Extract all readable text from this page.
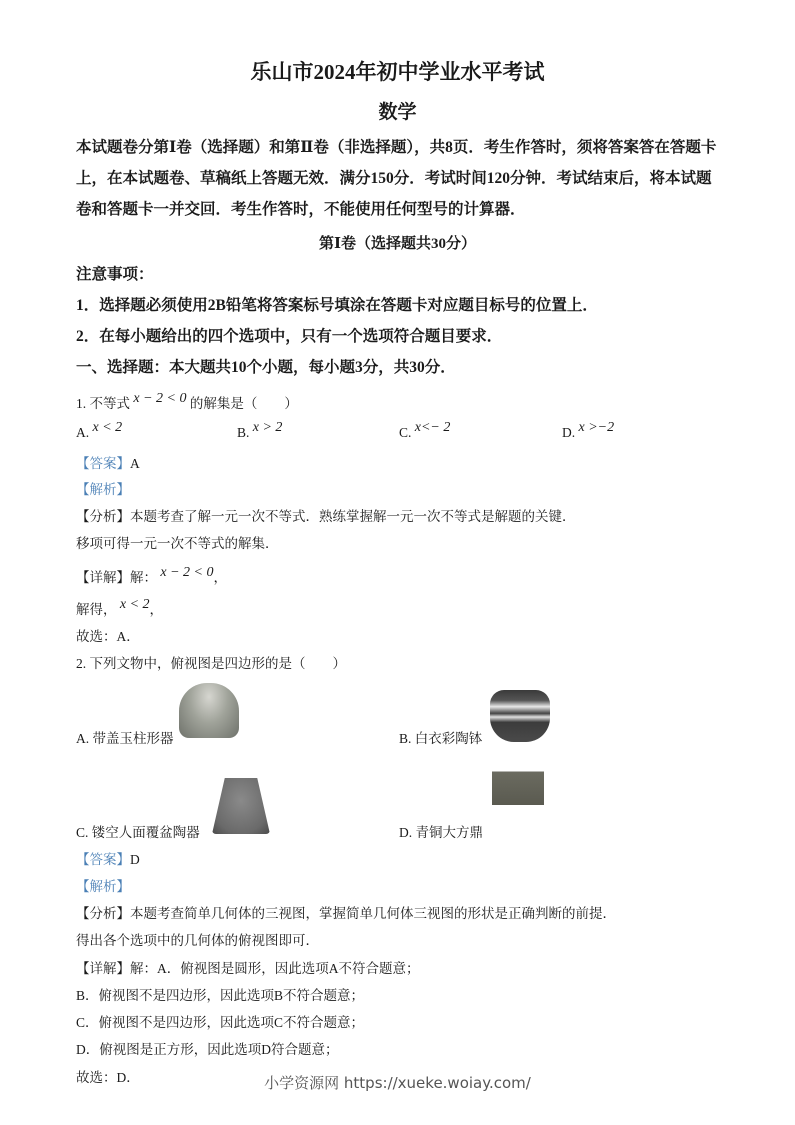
乐山市2024年初中学业水平考试
数学
本试题卷分第Ⅰ卷（选择题）和第Ⅱ卷（非选择题），共8页．考生作答时，须将答案答在答题卡上，在本试题卷、草稿纸上答题无效．满分150分．考试时间120分钟．考试结束后，将本试题卷和答题卡一并交回．考生作答时，不能使用任何型号的计算器．
第Ⅰ卷（选择题共30分）
注意事项：
1．选择题必须使用2B铅笔将答案标号填涂在答题卡对应题目标号的位置上．
2．在每小题给出的四个选项中，只有一个选项符合题目要求．
一、选择题：本大题共10个小题，每小题3分，共30分．
1. 不等式 x − 2 < 0 的解集是（　　）
A. x < 2	B. x > 2	C. x<− 2	D. x >−2
【答案】A
【解析】
【分析】本题考查了解一元一次不等式．熟练掌握解一元一次不等式是解题的关键．
移项可得一元一次不等式的解集．
【详解】解： x − 2 < 0，
解得， x < 2，
故选：A．
2. 下列文物中，俯视图是四边形的是（　　）
A. 带盖玉柱形器	B. 白衣彩陶钵
C. 镂空人面覆盆陶器	D. 青铜大方鼎
【答案】D
【解析】
【分析】本题考查简单几何体的三视图，掌握简单几何体三视图的形状是正确判断的前提．
得出各个选项中的几何体的俯视图即可．
【详解】解：A．俯视图是圆形，因此选项A不符合题意；
B．俯视图不是四边形，因此选项B不符合题意；
C．俯视图不是四边形，因此选项C不符合题意；
D．俯视图是正方形，因此选项D符合题意；
故选：D．	小学资源网 https://xueke.woiay.com/
